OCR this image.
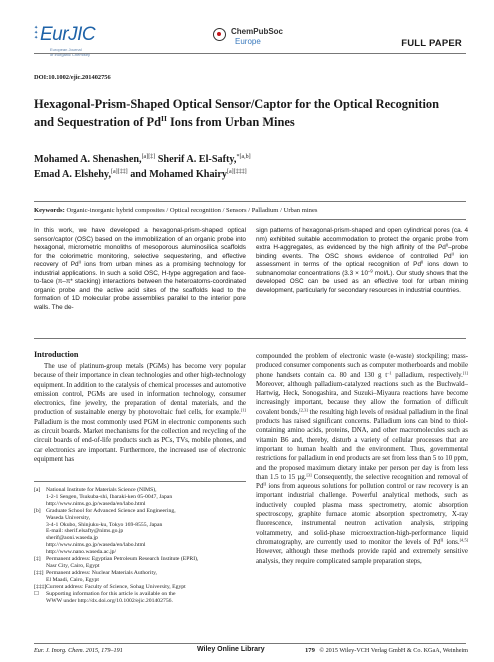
✦
✦
✦ EurJIC
European Journal
of Inorganic Chemistry
ChemPubSoc
Europe	FULL PAPER
DOI:10.1002/ejic.201402756
Hexagonal-Prism-Shaped Optical Sensor/Captor for the Optical Recognition and Sequestration of $Pd^{II}$ Ions from Urban Mines
Mohamed A. Shenashen,[a][‡] Sherif A. El-Safty,$^{*[a,b]}$
Emad A. Elshehy,[a][‡‡] and Mohamed Khairy[a][‡‡‡]
Keywords: Organic-inorganic hybrid composites / Optical recognition / Sensors / Palladium / Urban mines
In this work, we have developed a hexagonal-prism-shaped optical sensor/captor (OSC) based on the immobilization of an organic probe into hexagonal, micrometric monoliths of mesoporous aluminosilica scaffolds for the colorimetric monitoring, selective sequestering, and effective recovery of $Pd^{II}$ ions from urban mines as a promising technology for industrial applications. In such a solid OSC, H-type aggregation and face-to-face (π–π* stacking) interactions between the heteroatoms-coordinated organic probe and the active acid sites of the scaffolds lead to the formation of 1D molecular probe assemblies parallel to the interior pore walls. The de-
sign patterns of hexagonal-prism-shaped and open cylindrical pores (ca. 4 nm) exhibited suitable accommodation to protect the organic probe from extra H-aggregates, as evidenced by the high affinity of the $Pd^{II}$–probe binding events. The OSC shows evidence of controlled $Pd^{II}$ ion assessment in terms of the optical recognition of $Pd^{II}$ ions down to subnanomolar concentrations ($3.3 \times 10^{-9}$ mol/L). Our study shows that the developed OSC can be used as an effective tool for urban mining development, particularly for secondary resources in industrial countries.
Introduction

The use of platinum-group metals (PGMs) has become very popular because of their importance in clean technologies and other high-technology equipment. In addition to the catalysis of chemical processes and automotive emission control, PGMs are used in information technology, consumer electronics, fine jewelry, the preparation of dental materials, and the production of sustainable energy by photovoltaic fuel cells, for example.[1] Palladium is the most commonly used PGM in electronic components such as circuit boards. Market mechanisms for the collection and recycling of the circuit boards of end-of-life products such as PCs, TVs, mobile phones, and car electronics are important. Furthermore, the increased use of electronic equipment has

compounded the problem of electronic waste (e-waste) stockpiling; mass-produced consumer components such as computer motherboards and mobile phone handsets contain ca. 80 and 130 g $t^{-1}$ palladium, respectively.[1] Moreover, although palladium-catalyzed reactions such as the Buchwald–Hartwig, Heck, Sonogashira, and Suzuki–Miyaura reactions have become increasingly important, because they allow the formation of difficult covalent bonds,[2,3] the resulting high levels of residual palladium in the final products has raised significant concerns. Palladium ions can bind to thiol-containing amino acids, proteins, DNA, and other macromolecules such as vitamin B6 and, thereby, disturb a variety of cellular processes that are important to human health and the environment. Thus, governmental restrictions for palladium in end products are set from less than 5 to 10 ppm, and the proposed maximum dietary intake per person per day is from less than 1.5 to 15 µg.[3] Consequently, the selective recognition and removal of $Pd^{II}$ ions from aqueous solutions for pollution control or raw recovery is an important industrial challenge. Powerful analytical methods, such as inductively coupled plasma mass spectrometry, atomic absorption spectroscopy, graphite furnace atomic absorption spectrometry, X-ray fluorescence, instrumental neutron activation analysis, stripping voltammetry, and solid-phase microextraction-high-performance liquid chromatography, are currently used to monitor the levels of $Pd^{II}$ ions.[4,5] However, although these methods provide rapid and extremely sensitive analysis, they require complicated sample preparation steps,

[a] National Institute for Materials Science (NIMS),
1-2-1 Sengen, Tsukuba-shi, Ibaraki-ken 05-0047, Japan
http://www.nims.go.jp/waseda/en/labo.html
[b] Graduate School for Advanced Science and Engineering,
Waseda University,
3-4-1 Okubo, Shinjuku-ku, Tokyo 169-8555, Japan
E-mail: sherif.elsafty@nims.go.jp
sherif@aoni.waseda.jp
http://www.nims.go.jp/waseda/en/labo.html
http://www.nano.waseda.ac.jp/
[‡] Permanent address: Egyptian Petroleum Research Institute (EPRI),
Nasr City, Cairo, Egypt
[‡‡] Permanent address: Nuclear Materials Authority,
El Maadi, Cairo, Egypt
[‡‡‡]Current address: Faculty of Science, Sohag University, Egypt
☐ Supporting information for this article is available on the
WWW under http://dx.doi.org/10.1002/ejic.201402756.
Eur. J. Inorg. Chem. 2015, 179–191	Wiley Online Library	179 © 2015 Wiley-VCH Verlag GmbH & Co. KGaA, Weinheim
